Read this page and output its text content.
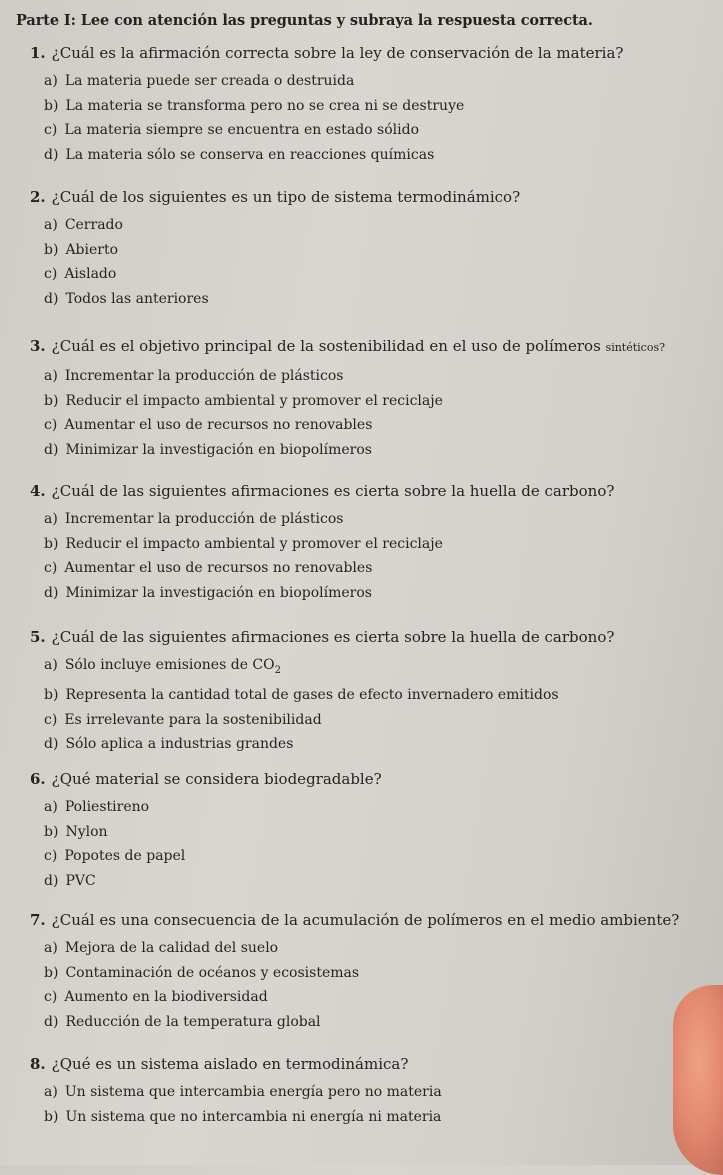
Parte I: Lee con atención las preguntas y subraya la respuesta correcta.
1. ¿Cuál es la afirmación correcta sobre la ley de conservación de la materia?
a) La materia puede ser creada o destruida
b) La materia se transforma pero no se crea ni se destruye
c) La materia siempre se encuentra en estado sólido
d) La materia sólo se conserva en reacciones químicas
2. ¿Cuál de los siguientes es un tipo de sistema termodinámico?
a) Cerrado
b) Abierto
c) Aislado
d) Todos las anteriores
3. ¿Cuál es el objetivo principal de la sostenibilidad en el uso de polímeros sintéticos?
a) Incrementar la producción de plásticos
b) Reducir el impacto ambiental y promover el reciclaje
c) Aumentar el uso de recursos no renovables
d) Minimizar la investigación en biopolímeros
4. ¿Cuál de las siguientes afirmaciones es cierta sobre la huella de carbono?
a) Incrementar la producción de plásticos
b) Reducir el impacto ambiental y promover el reciclaje
c) Aumentar el uso de recursos no renovables
d) Minimizar la investigación en biopolímeros
5. ¿Cuál de las siguientes afirmaciones es cierta sobre la huella de carbono?
a) Sólo incluye emisiones de $CO_2$
b) Representa la cantidad total de gases de efecto invernadero emitidos
c) Es irrelevante para la sostenibilidad
d) Sólo aplica a industrias grandes
6. ¿Qué material se considera biodegradable?
a) Poliestireno
b) Nylon
c) Popotes de papel
d) PVC
7. ¿Cuál es una consecuencia de la acumulación de polímeros en el medio ambiente?
a) Mejora de la calidad del suelo
b) Contaminación de océanos y ecosistemas
c) Aumento en la biodiversidad
d) Reducción de la temperatura global
8. ¿Qué es un sistema aislado en termodinámica?
a) Un sistema que intercambia energía pero no materia
b) Un sistema que no intercambia ni energía ni materia
